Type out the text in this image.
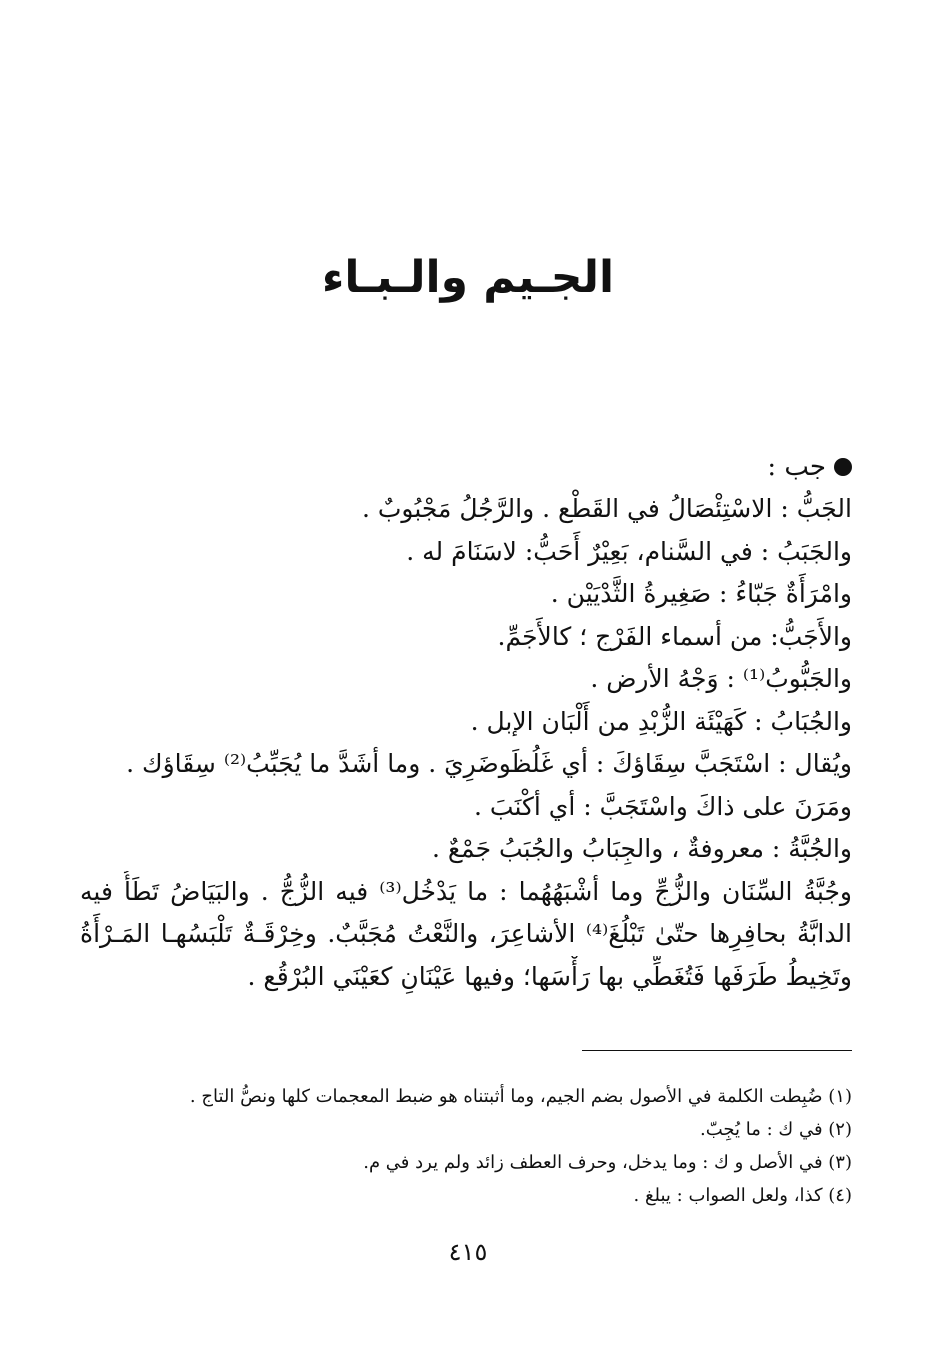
الجـيم والـبـاء
جب :
الجَبُّ : الاسْتِئْصَالُ في القَطْع . والرَّجُلُ مَجْبُوبٌ .
والجَبَبُ : في السَّنام، بَعِيْرٌ أَحَبُّ: لاسَنَامَ له .
وامْرَأَةٌ جَبّاءُ : صَغِيرةُ الثَّدْيَيْن .
والأَجَبُّ: من أسماء الفَرْج ؛ كالأَجَمِّ.
والجَبُّوبُ⁽¹⁾ : وَجْهُ الأرض .
والجُبَابُ : كَهَيْئَة الزُّبْدِ من أَلْبَان الإبل .
ويُقال : اسْتَجَبَّ سِقَاؤكَ : أي غَلُظَوضَرِيَ . وما أشَدَّ ما يُجَبِّبُ⁽²⁾ سِقَاؤك .
ومَرَنَ على ذاكَ واسْتَجَبَّ : أي أكْنَبَ .
والجُبَّةُ : معروفةٌ ، والجِبَابُ والجُبَبُ جَمْعٌ .
وجُبَّةُ السِّنَان والزُّجِّ وما أشْبَهُهُما : ما يَدْخُل⁽³⁾ فيه الزُّجُّ . والبَيَاضُ تَطَأُ فيه
الدابَّةُ بحافِرِها حتّىٰ تَبْلُغَ⁽⁴⁾ الأشاعِرَ، والنَّعْتُ مُجَبَّبٌ. وخِرْقَـةٌ تَلْبَسُهـا المَـرْأَةُ
وتَخِيطُ طَرَفَها فَتُغَطِّي بها رَأْسَها؛ وفيها عَيْنَانِ كعَيْنَي البُرْقُع .
(١) ضُبِطت الكلمة في الأصول بضم الجيم، وما أثبتناه هو ضبط المعجمات كلها ونصُّ التاج .
(٢) في ك : ما يُجِبّ.
(٣) في الأصل و ك : وما يدخل، وحرف العطف زائد ولم يرد في م.
(٤) كذا، ولعل الصواب : يبلغ .
٤١٥
